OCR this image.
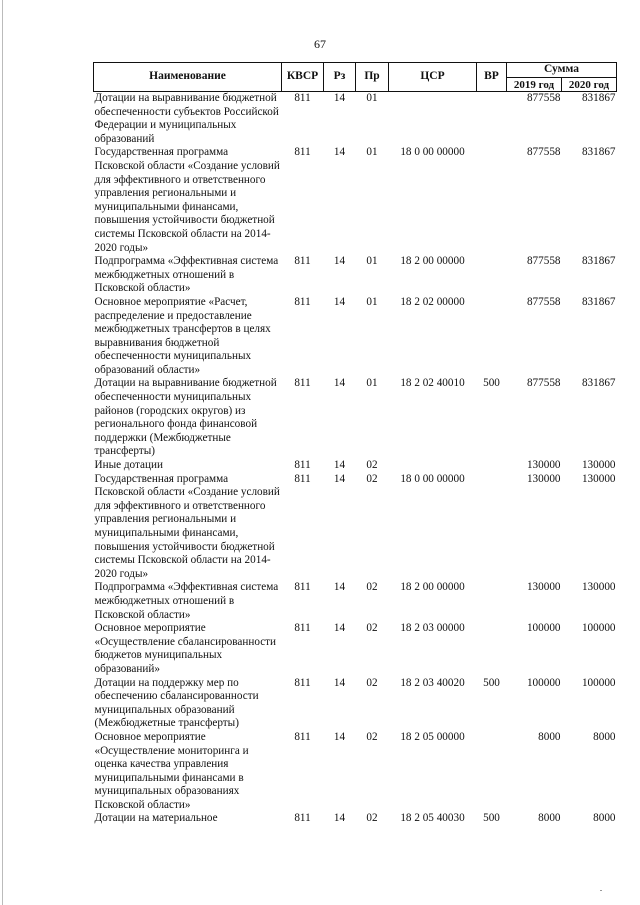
67
Наименование	КВСР	Рз	Пр	ЦСР	ВР	Сумма	
						2019 год	2020 год
Дотации на выравнивание бюджетной обеспеченности субъектов Российской Федерации и муниципальных образований	811	14	01			877558	831867
Государственная программа Псковской области «Создание условий для эффективного и ответственного управления региональными и муниципальными финансами, повышения устойчивости бюджетной системы Псковской области на 2014-2020 годы»	811	14	01	18 0 00 00000		877558	831867
Подпрограмма «Эффективная система межбюджетных отношений в Псковской области»	811	14	01	18 2 00 00000		877558	831867
Основное мероприятие «Расчет, распределение и предоставление межбюджетных трансфертов в целях выравнивания бюджетной обеспеченности муниципальных образований области»	811	14	01	18 2 02 00000		877558	831867
Дотации на выравнивание бюджетной обеспеченности муниципальных районов (городских округов) из регионального фонда финансовой поддержки (Межбюджетные трансферты)	811	14	01	18 2 02 40010	500	877558	831867
Иные дотации	811	14	02			130000	130000
Государственная программа Псковской области «Создание условий для эффективного и ответственного управления региональными и муниципальными финансами, повышения устойчивости бюджетной системы Псковской области на 2014-2020 годы»	811	14	02	18 0 00 00000		130000	130000
Подпрограмма «Эффективная система межбюджетных отношений в Псковской области»	811	14	02	18 2 00 00000		130000	130000
Основное мероприятие «Осуществление сбалансированности бюджетов муниципальных образований»	811	14	02	18 2 03 00000		100000	100000
Дотации на поддержку мер по обеспечению сбалансированности муниципальных образований (Межбюджетные трансферты)	811	14	02	18 2 03 40020	500	100000	100000
Основное мероприятие «Осуществление мониторинга и оценка качества управления муниципальными финансами в муниципальных образованиях Псковской области»	811	14	02	18 2 05 00000		8000	8000
Дотации на материальное	811	14	02	18 2 05 40030	500	8000	8000
